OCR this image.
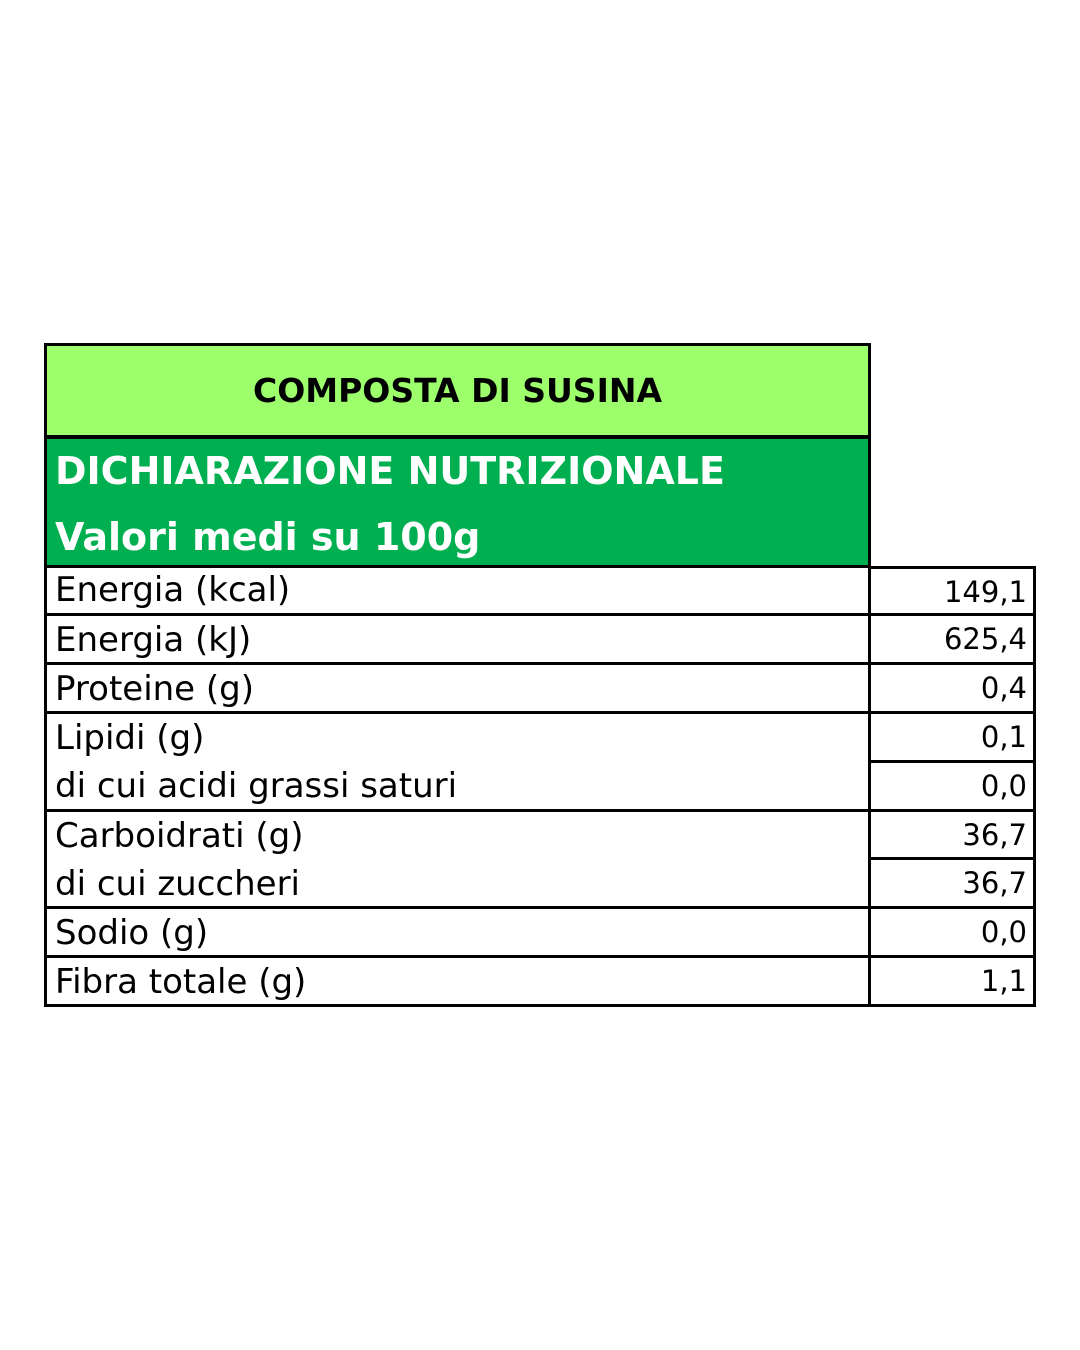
COMPOSTA DI SUSINA
DICHIARAZIONE NUTRIZIONALE
Valori medi su 100g
Energia (kcal)
Energia (kJ)
Proteine (g)
Lipidi (g)
di cui acidi grassi saturi
Carboidrati (g)
di cui zuccheri
Sodio (g)
Fibra totale (g)
149,1
625,4
0,4
0,1
0,0
36,7
36,7
0,0
1,1
